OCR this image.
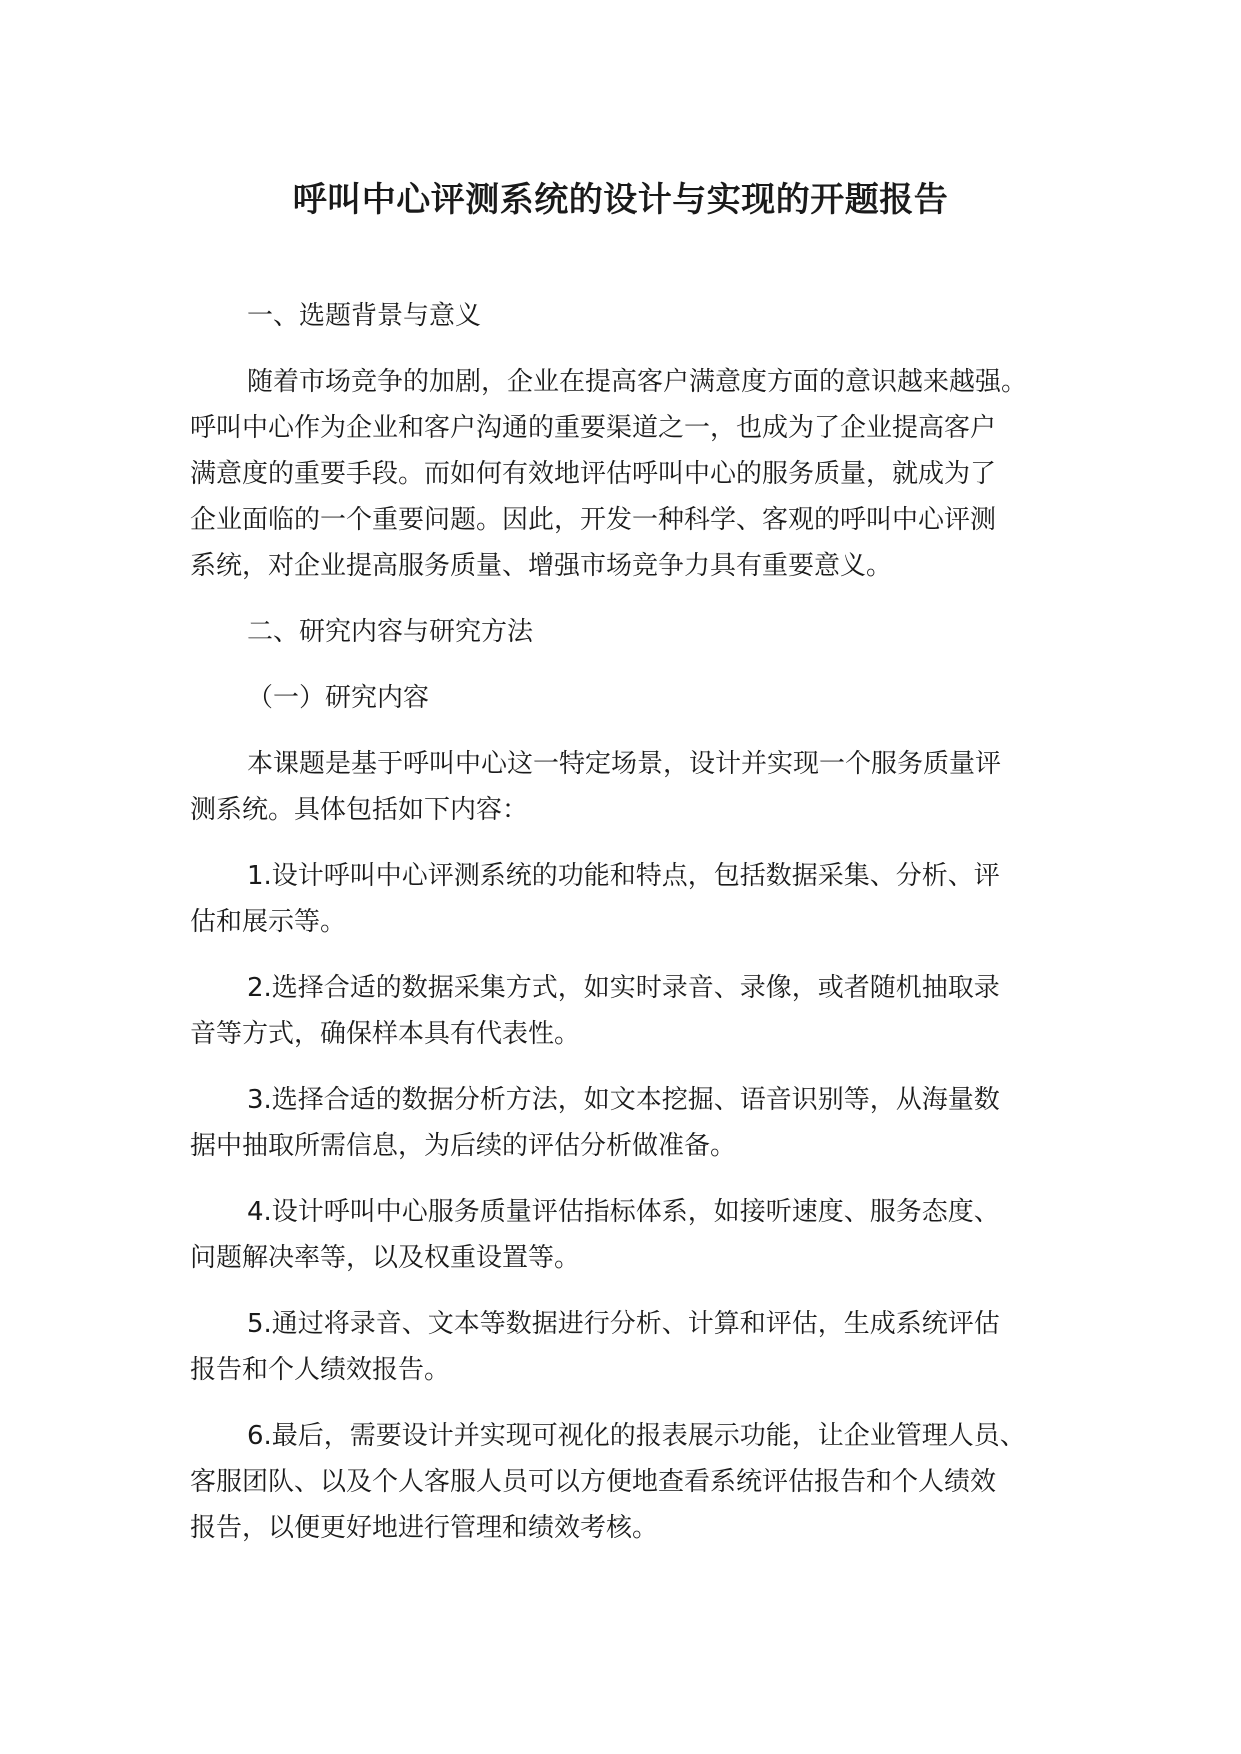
呼叫中心评测系统的设计与实现的开题报告
一、选题背景与意义
随着市场竞争的加剧，企业在提高客户满意度方面的意识越来越强。
呼叫中心作为企业和客户沟通的重要渠道之一，也成为了企业提高客户
满意度的重要手段。而如何有效地评估呼叫中心的服务质量，就成为了
企业面临的一个重要问题。因此，开发一种科学、客观的呼叫中心评测
系统，对企业提高服务质量、增强市场竞争力具有重要意义。
二、研究内容与研究方法
（一）研究内容
本课题是基于呼叫中心这一特定场景，设计并实现一个服务质量评
测系统。具体包括如下内容：
1.设计呼叫中心评测系统的功能和特点，包括数据采集、分析、评
估和展示等。
2.选择合适的数据采集方式，如实时录音、录像，或者随机抽取录
音等方式，确保样本具有代表性。
3.选择合适的数据分析方法，如文本挖掘、语音识别等，从海量数
据中抽取所需信息，为后续的评估分析做准备。
4.设计呼叫中心服务质量评估指标体系，如接听速度、服务态度、
问题解决率等，以及权重设置等。
5.通过将录音、文本等数据进行分析、计算和评估，生成系统评估
报告和个人绩效报告。
6.最后，需要设计并实现可视化的报表展示功能，让企业管理人员、
客服团队、以及个人客服人员可以方便地查看系统评估报告和个人绩效
报告，以便更好地进行管理和绩效考核。
